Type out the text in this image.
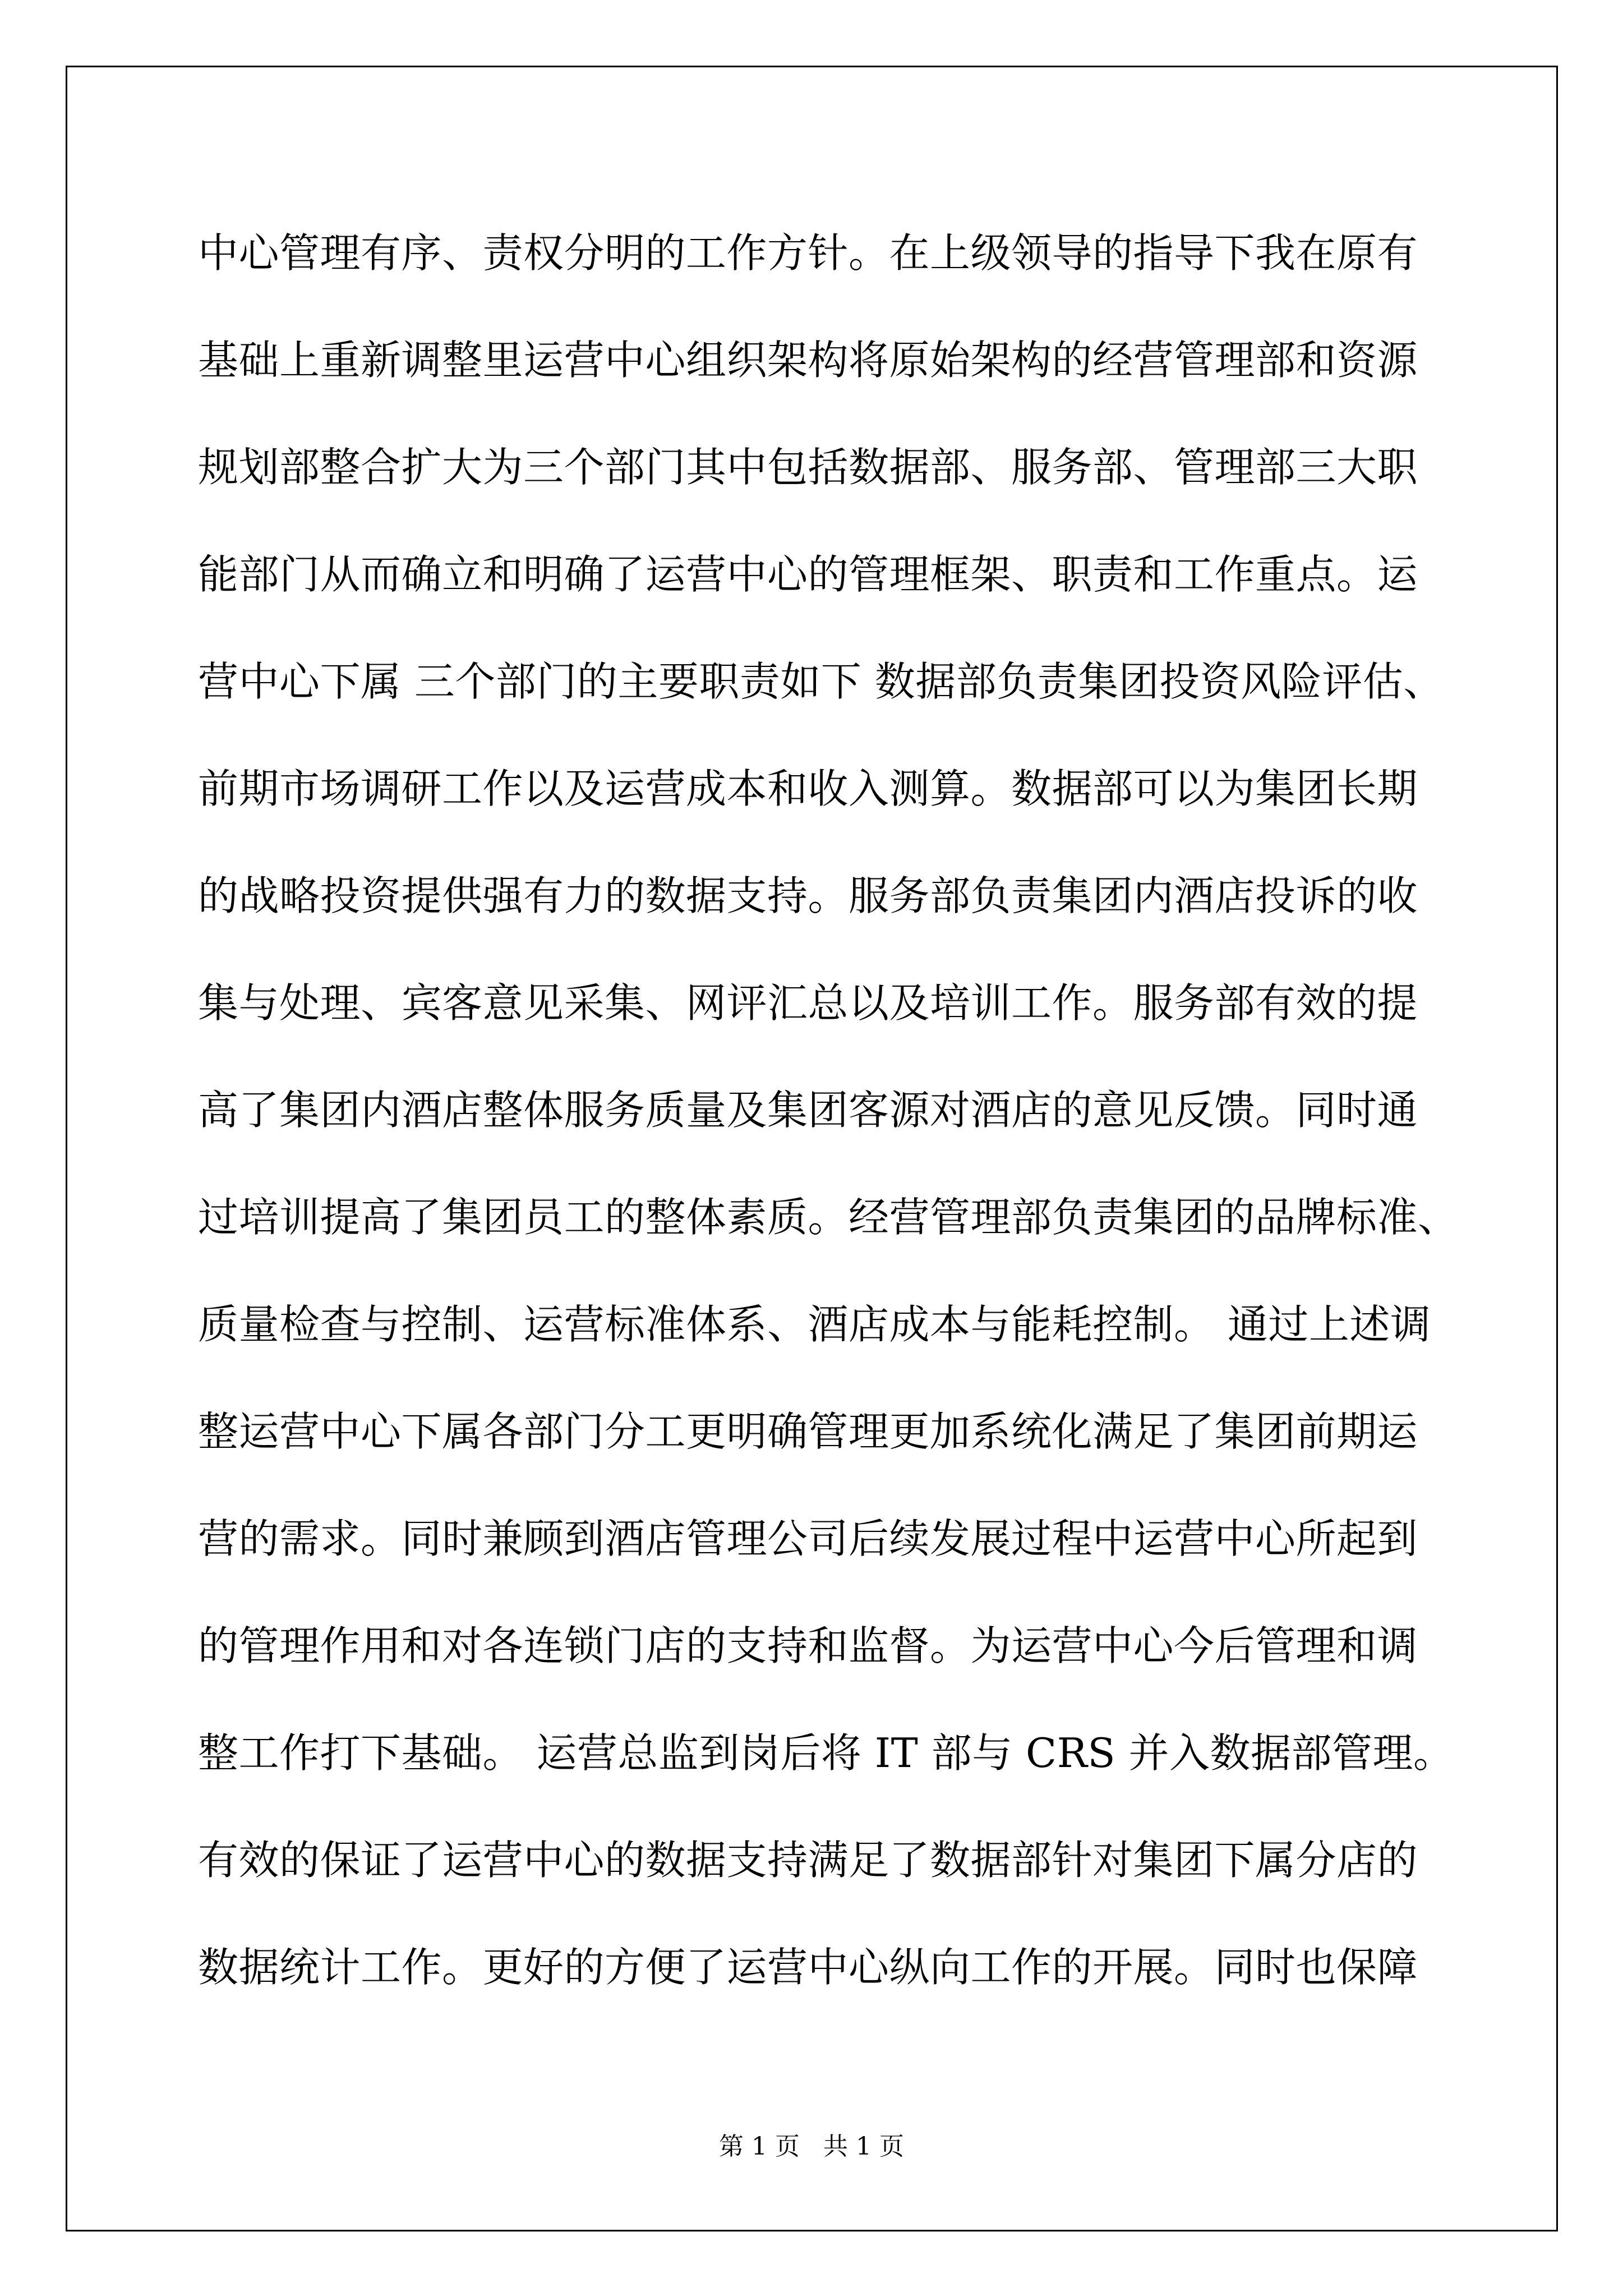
中心管理有序、责权分明的工作方针。在上级领导的指导下我在原有
基础上重新调整里运营中心组织架构将原始架构的经营管理部和资源
规划部整合扩大为三个部门其中包括数据部、服务部、管理部三大职
能部门从而确立和明确了运营中心的管理框架、职责和工作重点。运
营中心下属 三个部门的主要职责如下 数据部负责集团投资风险评估、
前期市场调研工作以及运营成本和收入测算。数据部可以为集团长期
的战略投资提供强有力的数据支持。服务部负责集团内酒店投诉的收
集与处理、宾客意见采集、网评汇总以及培训工作。服务部有效的提
高了集团内酒店整体服务质量及集团客源对酒店的意见反馈。同时通
过培训提高了集团员工的整体素质。经营管理部负责集团的品牌标准、
质量检查与控制、运营标准体系、酒店成本与能耗控制。 通过上述调
整运营中心下属各部门分工更明确管理更加系统化满足了集团前期运
营的需求。同时兼顾到酒店管理公司后续发展过程中运营中心所起到
的管理作用和对各连锁门店的支持和监督。为运营中心今后管理和调
整工作打下基础。 运营总监到岗后将 IT 部与 CRS 并入数据部管理。
有效的保证了运营中心的数据支持满足了数据部针对集团下属分店的
数据统计工作。更好的方便了运营中心纵向工作的开展。同时也保障
第 1 页   共 1 页
